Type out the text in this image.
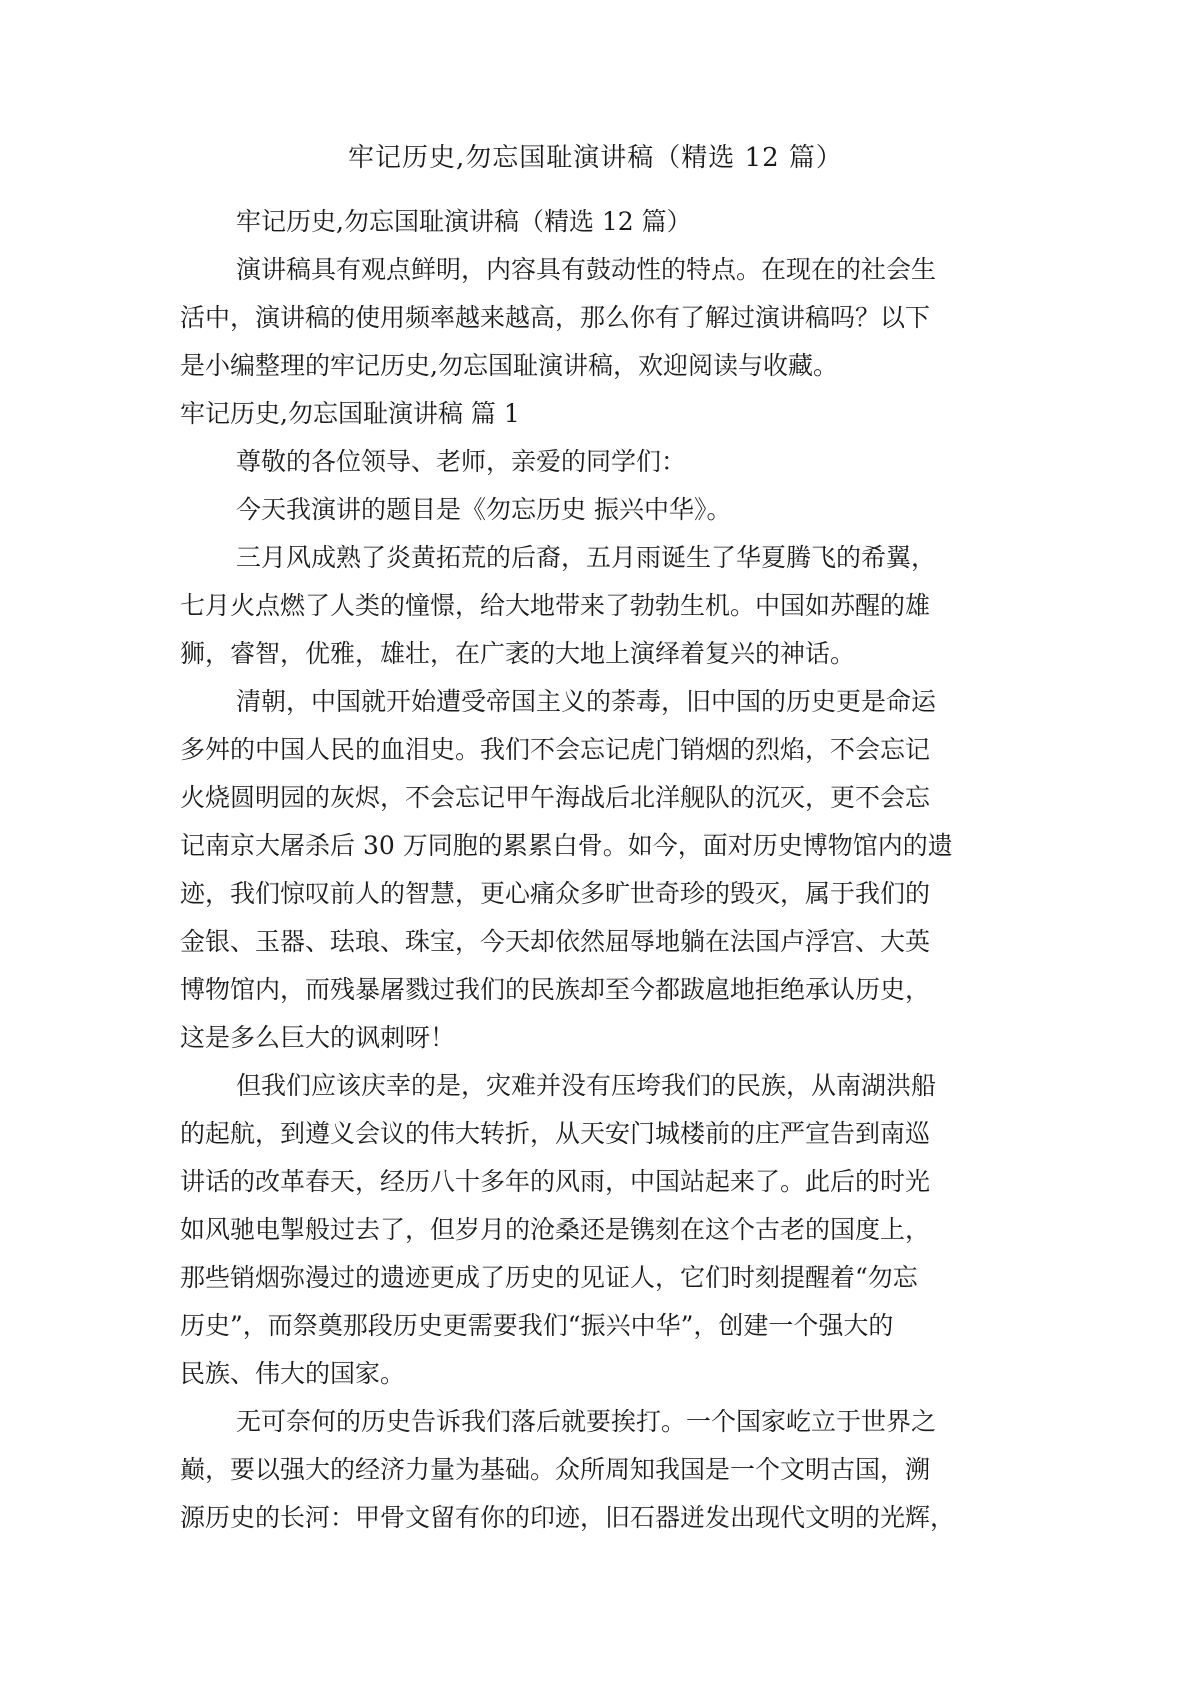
牢记历史,勿忘国耻演讲稿（精选 12 篇）
牢记历史,勿忘国耻演讲稿（精选 12 篇）
演讲稿具有观点鲜明，内容具有鼓动性的特点。在现在的社会生
活中，演讲稿的使用频率越来越高，那么你有了解过演讲稿吗？以下
是小编整理的牢记历史,勿忘国耻演讲稿，欢迎阅读与收藏。
牢记历史,勿忘国耻演讲稿 篇 1
尊敬的各位领导、老师，亲爱的同学们：
今天我演讲的题目是《勿忘历史 振兴中华》。
三月风成熟了炎黄拓荒的后裔，五月雨诞生了华夏腾飞的希翼，
七月火点燃了人类的憧憬，给大地带来了勃勃生机。中国如苏醒的雄
狮，睿智，优雅，雄壮，在广袤的大地上演绎着复兴的神话。
清朝，中国就开始遭受帝国主义的荼毒，旧中国的历史更是命运
多舛的中国人民的血泪史。我们不会忘记虎门销烟的烈焰，不会忘记
火烧圆明园的灰烬，不会忘记甲午海战后北洋舰队的沉灭，更不会忘
记南京大屠杀后 30 万同胞的累累白骨。如今，面对历史博物馆内的遗
迹，我们惊叹前人的智慧，更心痛众多旷世奇珍的毁灭，属于我们的
金银、玉器、珐琅、珠宝，今天却依然屈辱地躺在法国卢浮宫、大英
博物馆内，而残暴屠戮过我们的民族却至今都跋扈地拒绝承认历史，
这是多么巨大的讽刺呀！
但我们应该庆幸的是，灾难并没有压垮我们的民族，从南湖洪船
的起航，到遵义会议的伟大转折，从天安门城楼前的庄严宣告到南巡
讲话的改革春天，经历八十多年的风雨，中国站起来了。此后的时光
如风驰电掣般过去了，但岁月的沧桑还是镌刻在这个古老的国度上，
那些销烟弥漫过的遗迹更成了历史的见证人，它们时刻提醒着“勿忘
历史”，而祭奠那段历史更需要我们“振兴中华”，创建一个强大的
民族、伟大的国家。
无可奈何的历史告诉我们落后就要挨打。一个国家屹立于世界之
巅，要以强大的经济力量为基础。众所周知我国是一个文明古国，溯
源历史的长河：甲骨文留有你的印迹，旧石器迸发出现代文明的光辉，
